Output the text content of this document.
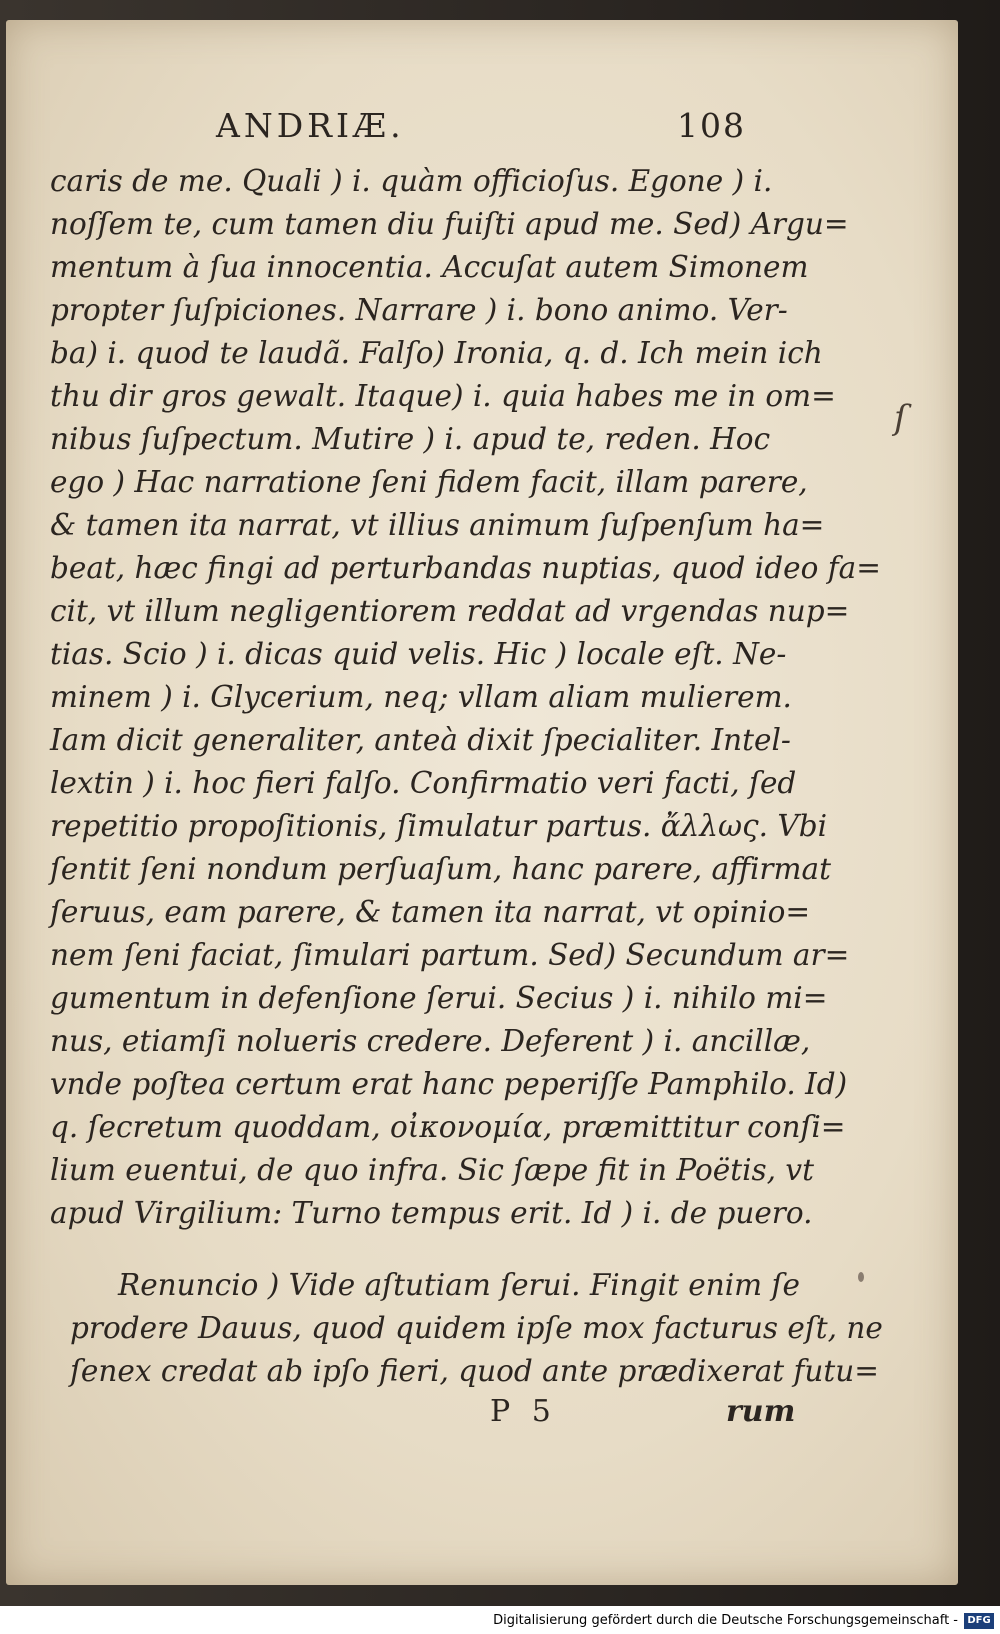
ANDRIÆ.	108
caris de me. Quali ) i. quàm officioſus. Egone ) i.
noſſem te, cum tamen diu fuiſti apud me. Sed) Argu=
mentum à ſua innocentia. Accuſat autem Simonem
propter ſuſpiciones. Narrare ) i. bono animo. Ver-
ba) i. quod te laudã. Falſo) Ironia, q. d. Ich mein ich
thu dir gros gewalt. Itaque) i. quia habes me in om=
nibus ſuſpectum. Mutire ) i. apud te, reden. Hoc
ego ) Hac narratione ſeni fidem facit, illam parere,
& tamen ita narrat, vt illius animum ſuſpenſum ha=
beat, hæc fingi ad perturbandas nuptias, quod ideo fa=
cit, vt illum negligentiorem reddat ad vrgendas nup=
tias. Scio ) i. dicas quid velis. Hic ) locale eſt. Ne-
minem ) i. Glycerium, neq; vllam aliam mulierem.
Iam dicit generaliter, anteà dixit ſpecialiter. Intel-
lextin ) i. hoc fieri falſo. Confirmatio veri facti, ſed
repetitio propoſitionis, ſimulatur partus. ἄλλως. Vbi
ſentit ſeni nondum perſuaſum, hanc parere, affirmat
ſeruus, eam parere, & tamen ita narrat, vt opinio=
nem ſeni faciat, ſimulari partum. Sed) Secundum ar=
gumentum in defenſione ſerui. Secius ) i. nihilo mi=
nus, etiamſi nolueris credere. Deferent ) i. ancillæ,
vnde poſtea certum erat hanc peperiſſe Pamphilo. Id)
q. ſecretum quoddam, οἰκονομία, præmittitur conſi=
lium euentui, de quo infra. Sic ſæpe fit in Poëtis, vt
apud Virgilium: Turno tempus erit. Id ) i. de puero.
Renuncio ) Vide aſtutiam ſerui. Fingit enim ſe
prodere Dauus, quod quidem ipſe mox facturus eſt, ne
ſenex credat ab ipſo fieri, quod ante prædixerat futu=
P 5	rum
ſ
Digitalisierung gefördert durch die Deutsche Forschungsgemeinschaft - DFG
